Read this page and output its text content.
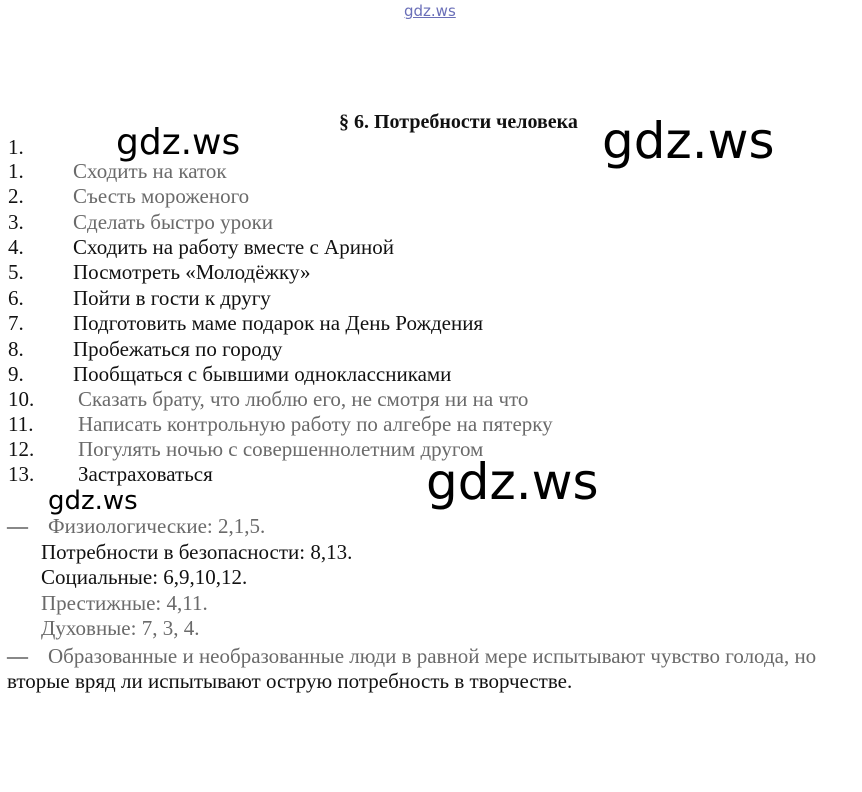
gdz.ws
gdz.ws	gdz.ws
gdz.ws
gdz.ws
§ 6. Потребности человека
1.
1. Сходить на каток
2. Съесть мороженого
3. Сделать быстро уроки
4. Сходить на работу вместе с Ариной
5. Посмотреть «Молодёжку»
6. Пойти в гости к другу
7. Подготовить маме подарок на День Рождения
8. Пробежаться по городу
9. Пообщаться с бывшими одноклассниками
10. Сказать брату, что люблю его, не смотря ни на что
11. Написать контрольную работу по алгебре на пятерку
12. Погулять ночью с совершеннолетним другом
13. Застраховаться
— Физиологические: 2,1,5.
Потребности в безопасности: 8,13.
Социальные: 6,9,10,12.
Престижные: 4,11.
Духовные: 7, 3, 4.
— Образованные и необразованные люди в равной мере испытывают чувство голода, но
вторые вряд ли испытывают острую потребность в творчестве.
